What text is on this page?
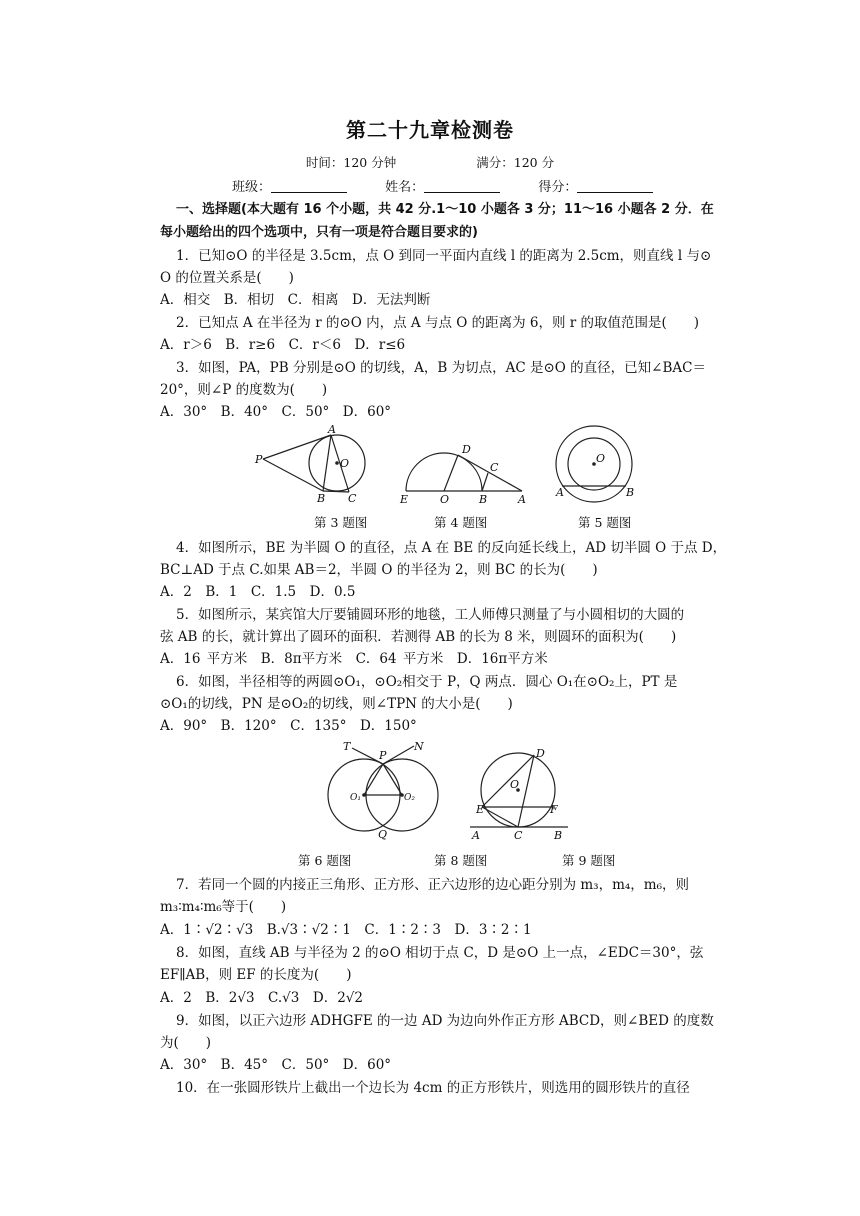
第二十九章检测卷
时间：120 分钟	满分：120 分
班级：	姓名：	得分：
一、选择题(本大题有 16 个小题，共 42 分.1～10 小题各 3 分；11～16 小题各 2 分．在
每小题给出的四个选项中，只有一项是符合题目要求的)
1．已知⊙O 的半径是 3.5cm，点 O 到同一平面内直线 l 的距离为 2.5cm，则直线 l 与⊙
O 的位置关系是(　　)
A．相交　B．相切　C．相离　D．无法判断
2．已知点 A 在半径为 r 的⊙O 内，点 A 与点 O 的距离为 6，则 r 的取值范围是(　　)
A．r＞6　B．r≥6　C．r＜6　D．r≤6
3．如图，PA，PB 分别是⊙O 的切线，A，B 为切点，AC 是⊙O 的直径，已知∠BAC＝
20°，则∠P 的度数为(　　)
A．30°　B．40°　C．50°　D．60°
P
A
O
B C
D
C
E	O	B	A
O
A	B
第 3 题图	第 4 题图	第 5 题图
4．如图所示，BE 为半圆 O 的直径，点 A 在 BE 的反向延长线上，AD 切半圆 O 于点 D，
BC⊥AD 于点 C.如果 AB＝2，半圆 O 的半径为 2，则 BC 的长为(　　)
A．2　B．1　C．1.5　D．0.5
5．如图所示，某宾馆大厅要铺圆环形的地毯，工人师傅只测量了与小圆相切的大圆的
弦 AB 的长，就计算出了圆环的面积．若测得 AB 的长为 8 米，则圆环的面积为(　　)
A．16 平方米　B．8π平方米　C．64 平方米　D．16π平方米
6．如图，半径相等的两圆⊙O₁，⊙O₂相交于 P，Q 两点．圆心 O₁在⊙O₂上，PT 是
⊙O₁的切线，PN 是⊙O₂的切线，则∠TPN 的大小是(　　)
A．90°　B．120°　C．135°　D．150°
T
P
N
O₁	O₂
Q
D
O
E	F
A	C	B
第 6 题图	第 8 题图	第 9 题图
7．若同一个圆的内接正三角形、正方形、正六边形的边心距分别为 m₃，m₄，m₆，则
m₃∶m₄∶m₆等于(　　)
A．1∶√2∶√3　B.√3∶√2∶1　C．1∶2∶3　D．3∶2∶1
8．如图，直线 AB 与半径为 2 的⊙O 相切于点 C，D 是⊙O 上一点，∠EDC＝30°，弦
EF∥AB，则 EF 的长度为(　　)
A．2　B．2√3　C.√3　D．2√2
9．如图，以正六边形 ADHGFE 的一边 AD 为边向外作正方形 ABCD，则∠BED 的度数
为(　　)
A．30°　B．45°　C．50°　D．60°
10．在一张圆形铁片上截出一个边长为 4cm 的正方形铁片，则选用的圆形铁片的直径
